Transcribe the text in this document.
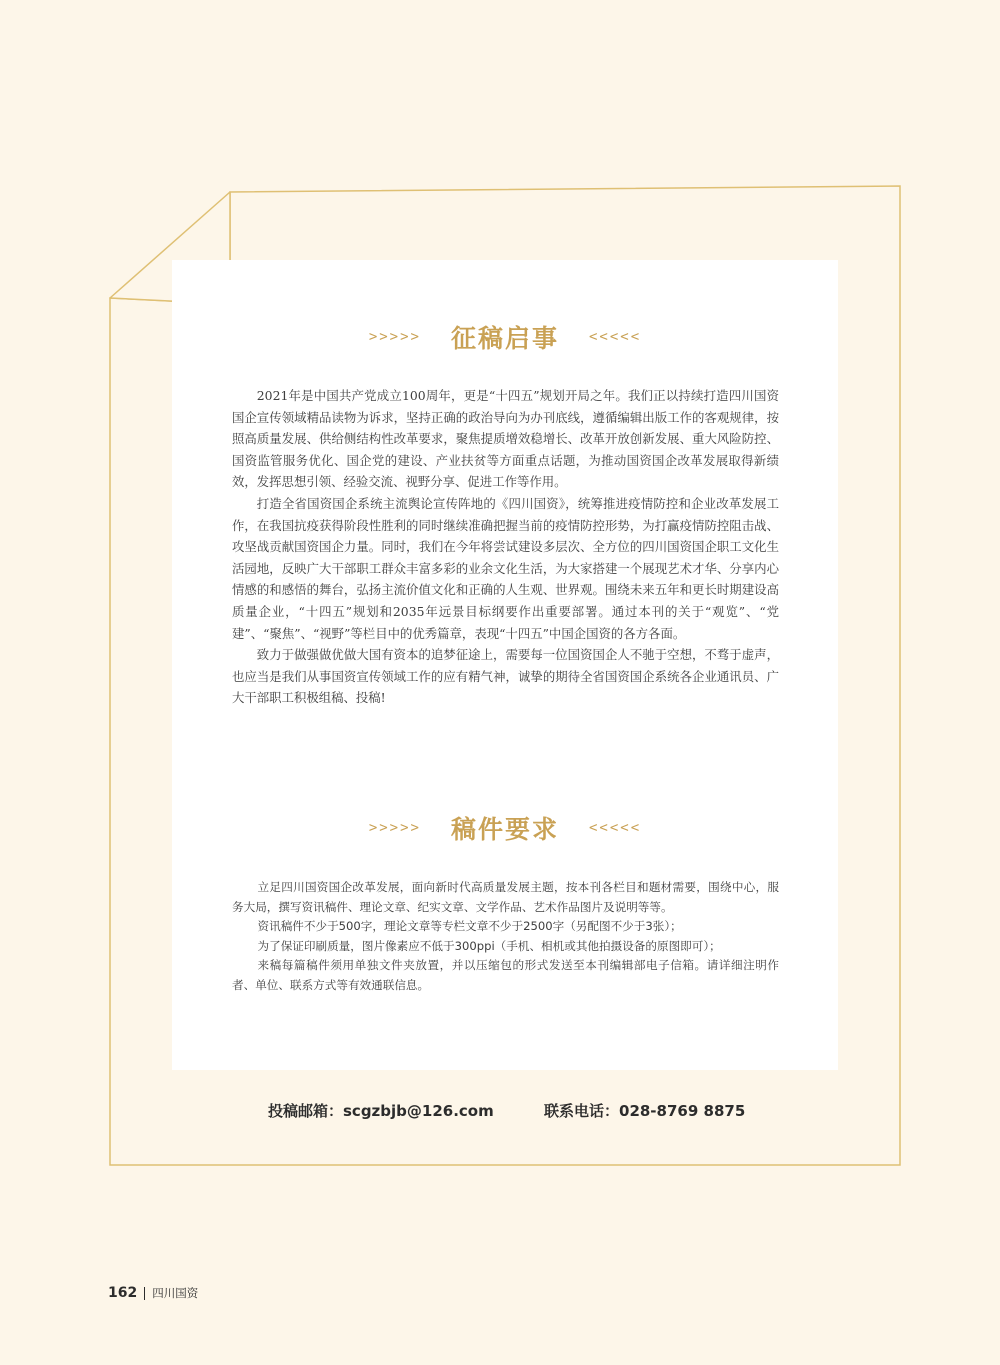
>>>>> 征稿启事 <<<<<

2021年是中国共产党成立100周年，更是“十四五”规划开局之年。我们正以持续打造四川国资国企宣传领域精品读物为诉求，坚持正确的政治导向为办刊底线，遵循编辑出版工作的客观规律，按照高质量发展、供给侧结构性改革要求，聚焦提质增效稳增长、改革开放创新发展、重大风险防控、国资监管服务优化、国企党的建设、产业扶贫等方面重点话题，为推动国资国企改革发展取得新绩效，发挥思想引领、经验交流、视野分享、促进工作等作用。

打造全省国资国企系统主流舆论宣传阵地的《四川国资》，统筹推进疫情防控和企业改革发展工作，在我国抗疫获得阶段性胜利的同时继续准确把握当前的疫情防控形势，为打赢疫情防控阻击战、攻坚战贡献国资国企力量。同时，我们在今年将尝试建设多层次、全方位的四川国资国企职工文化生活园地，反映广大干部职工群众丰富多彩的业余文化生活，为大家搭建一个展现艺术才华、分享内心情感的和感悟的舞台，弘扬主流价值文化和正确的人生观、世界观。围绕未来五年和更长时期建设高质量企业，“十四五”规划和2035年远景目标纲要作出重要部署。通过本刊的关于“观览”、“党建”、“聚焦”、“视野”等栏目中的优秀篇章，表现“十四五”中国企国资的各方各面。

致力于做强做优做大国有资本的追梦征途上，需要每一位国资国企人不驰于空想，不骛于虚声，也应当是我们从事国资宣传领域工作的应有精气神，诚挚的期待全省国资国企系统各企业通讯员、广大干部职工积极组稿、投稿!

>>>>> 稿件要求 <<<<<

立足四川国资国企改革发展，面向新时代高质量发展主题，按本刊各栏目和题材需要，围绕中心，服务大局，撰写资讯稿件、理论文章、纪实文章、文学作品、艺术作品图片及说明等等。

资讯稿件不少于500字，理论文章等专栏文章不少于2500字（另配图不少于3张）；

为了保证印刷质量，图片像素应不低于300ppi（手机、相机或其他拍摄设备的原图即可）；

来稿每篇稿件须用单独文件夹放置，并以压缩包的形式发送至本刊编辑部电子信箱。请详细注明作者、单位、联系方式等有效通联信息。

投稿邮箱：scgzbjb@126.com	联系电话：028-8769 8875
162 四川国资
